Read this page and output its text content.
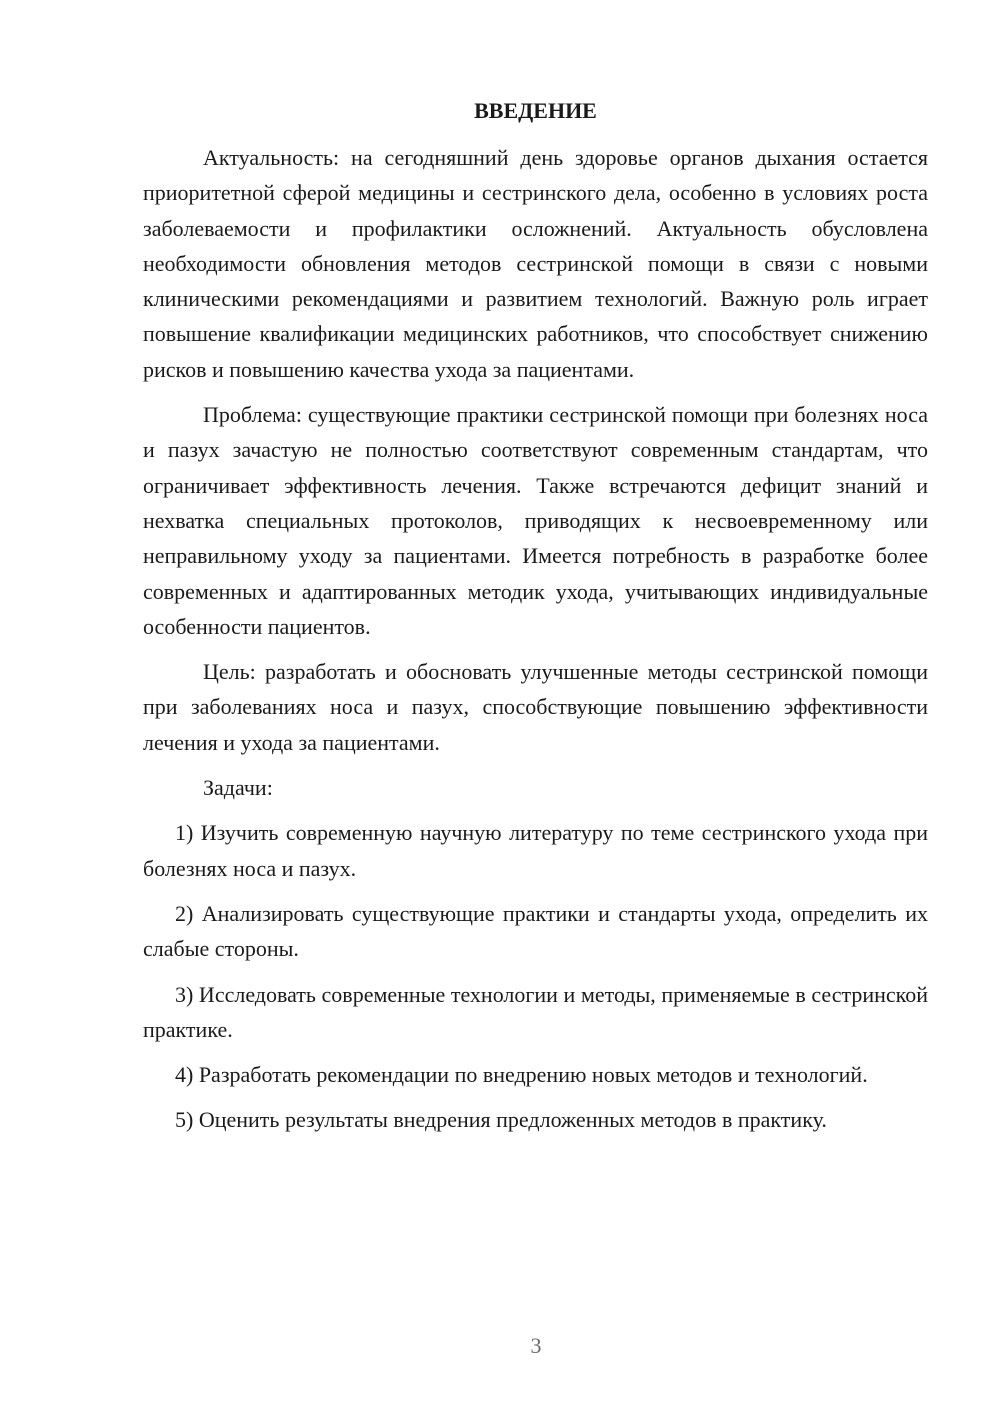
ВВЕДЕНИЕ

Актуальность: на сегодняшний день здоровье органов дыхания остается приоритетной сферой медицины и сестринского дела, особенно в условиях роста заболеваемости и профилактики осложнений. Актуальность обусловлена необходимости обновления методов сестринской помощи в связи с новыми клиническими рекомендациями и развитием технологий. Важную роль играет повышение квалификации медицинских работников, что способствует снижению рисков и повышению качества ухода за пациентами.

Проблема: существующие практики сестринской помощи при болезнях носа и пазух зачастую не полностью соответствуют современным стандартам, что ограничивает эффективность лечения. Также встречаются дефицит знаний и нехватка специальных протоколов, приводящих к несвоевременному или неправильному уходу за пациентами. Имеется потребность в разработке более современных и адаптированных методик ухода, учитывающих индивидуальные особенности пациентов.

Цель: разработать и обосновать улучшенные методы сестринской помощи при заболеваниях носа и пазух, способствующие повышению эффективности лечения и ухода за пациентами.

Задачи:

1) Изучить современную научную литературу по теме сестринского ухода при болезнях носа и пазух.

2) Анализировать существующие практики и стандарты ухода, определить их слабые стороны.

3) Исследовать современные технологии и методы, применяемые в сестринской практике.

4) Разработать рекомендации по внедрению новых методов и технологий.

5) Оценить результаты внедрения предложенных методов в практику.

3
